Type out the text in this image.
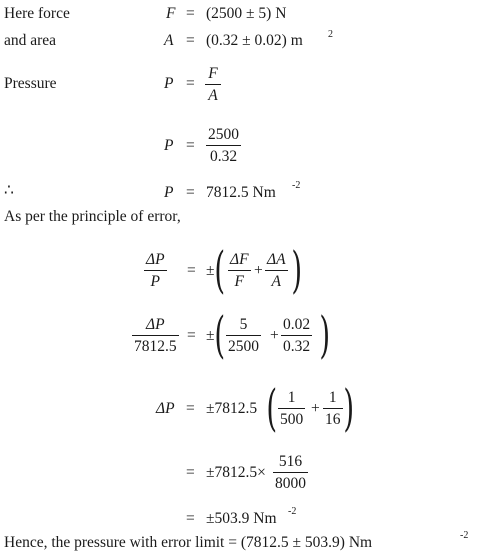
Here force	F = (2500 ± 5) N
and area	A = (0.32 ± 0.02) m	2
Pressure	P =
F
A
P =
2500
0.32
∴	P = 7812.5 Nm -2
As per the principle of error,
ΔP
P
= ± ( ΔF
F
+
ΔA
A )
ΔP
7812.5
= ± ( 5
2500
+
0.02
0.32 )
ΔP = ±7812.5 ( 1
500
+
1
16 )
= ±7812.5×
516
8000
= ±503.9 Nm -2
Hence, the pressure with error limit = (7812.5 ± 503.9) Nm	-2
